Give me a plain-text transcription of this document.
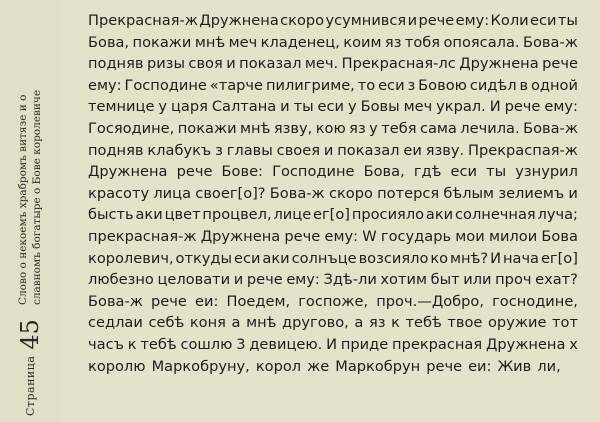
Страница
45
Слово о некоемъ храбромъ витязе и о славномъ богатыре о Бове королевиче
Прекрасная-ж Дружнена скоро усумнився и рече ему: Коли еси ты
Бова, покажи мнѣ меч кладенец, коим яз тобя опоясала. Бова-ж
подняв ризы своя и показал меч. Прекрасная-лс Дружнена рече
ему: Господине «тарче пилигриме, то еси з Бовою сидѣл в одной
темнице у царя Салтана и ты еси у Бовы меч украл. И рече ему:
Госяодине, покажи мнѣ язву, кою яз у тебя сама лечила. Бова-ж
подняв клабукъ з главы своея и показал еи язву. Прекраспая-ж
Дружнена рече Бове: Господине Бова, гдѣ еси ты узнурил
красоту лица своег[о]? Бова-ж скоро потерся бѣлым зелиемъ и
бысть аки цвет процвел, лице ег[о] просияло аки солнечная луча;
прекрасная-ж Дружнена рече ему: W государь мои милои Бова
королевич, откуды еси аки солнъце возсияло ко мнѣ? И нача ег[о]
любезно целовати и рече ему: Здѣ-ли хотим быт или проч ехат?
Бова-ж рече еи: Поедем, госпоже, проч.—Добро, госнодине,
седлаи себѣ коня а мнѣ другово, а яз к тебѣ твое оружие тот
часъ к тебѣ сошлю 3 девицею. И приде прекрасная Дружнена х
королю Маркобруну, корол же Маркобрун рече еи: Жив ли,
